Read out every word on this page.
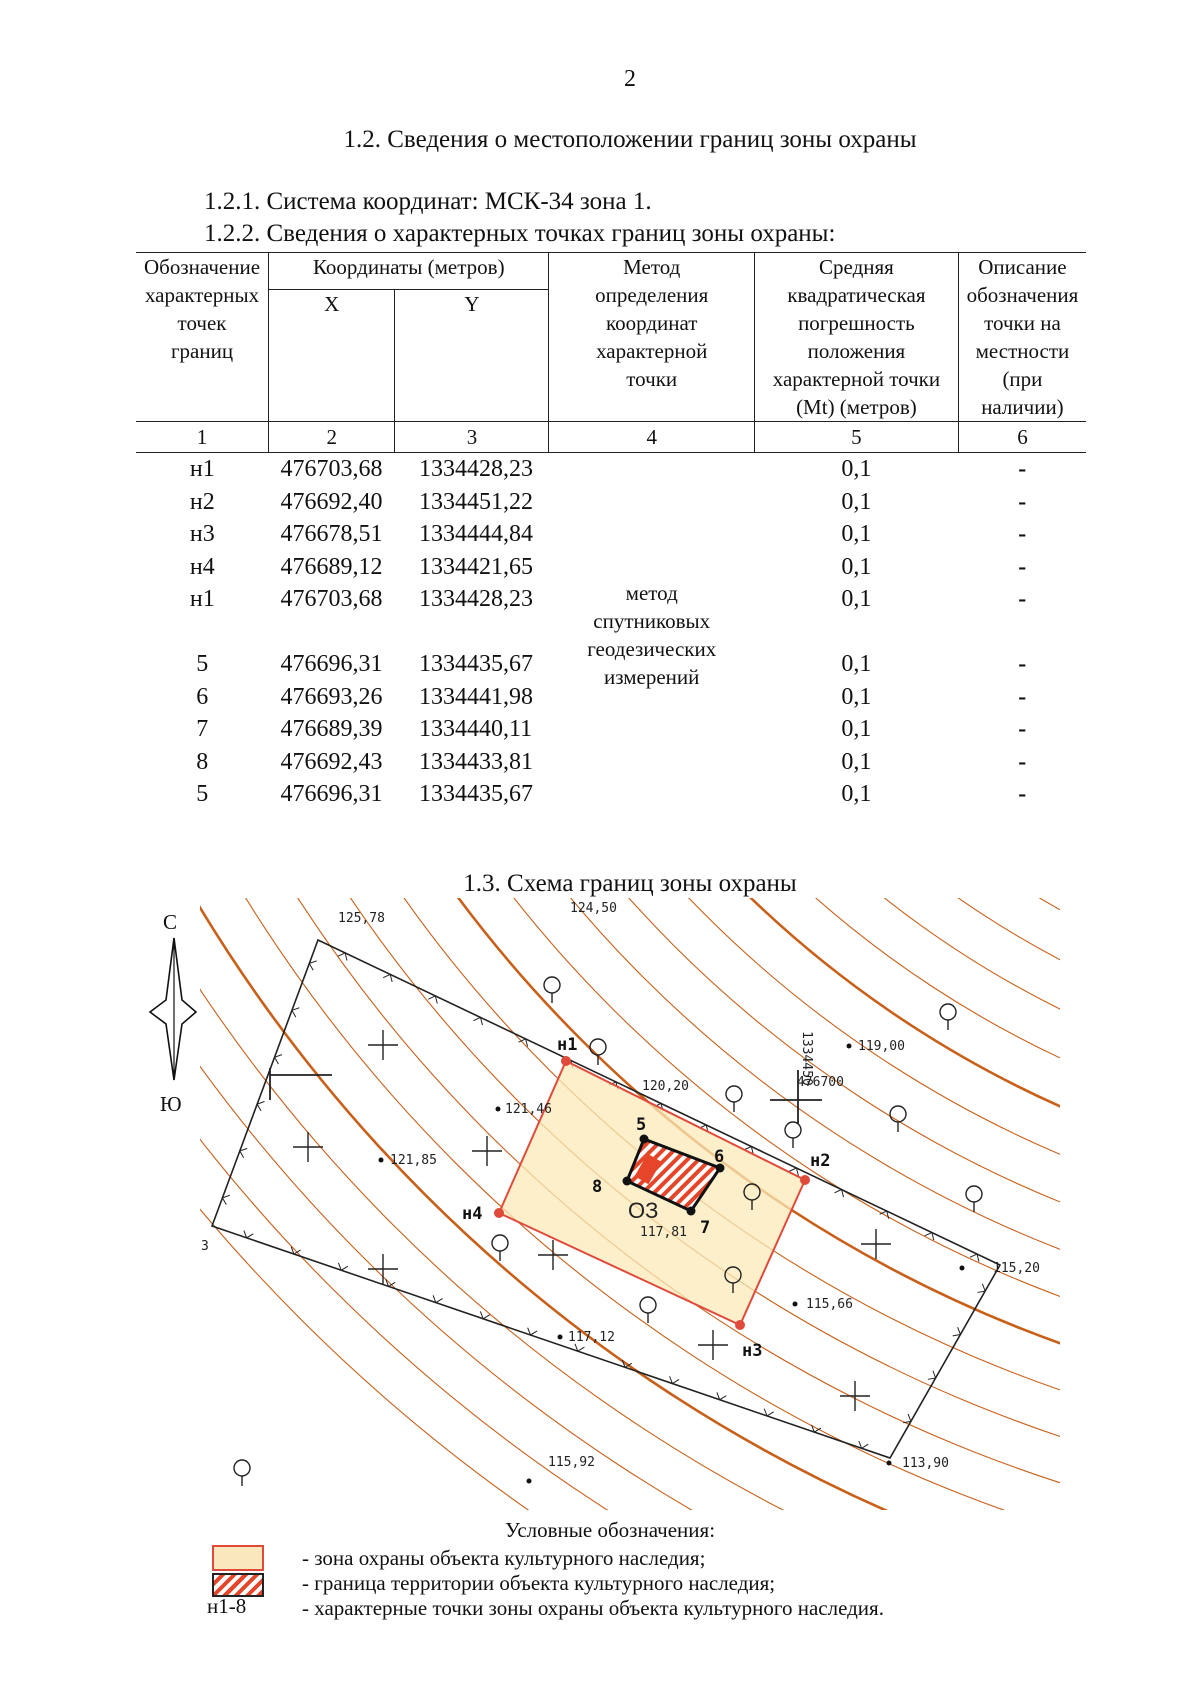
2
1.2. Сведения о местоположении границ зоны охраны
1.2.1. Система координат: МСК-34 зона 1.
1.2.2. Сведения о характерных точках границ зоны охраны:
Обозначение характерных точек границ	Координаты (метров)		Метод определения координат характерной точки	Средняя квадратическая погрешность положения характерной точки (Мt) (метров)	Описание обозначения точки на местности (при наличии)
	X	Y			
1	2	3	4	5	6
н1	476703,68	1334428,23	метод спутниковых геодезических измерений	0,1	-
н2	476692,40	1334451,22		0,1	-
н3	476678,51	1334444,84		0,1	-
н4	476689,12	1334421,65		0,1	-
н1	476703,68	1334428,23		0,1	-
5	476696,31	1334435,67		0,1	-
6	476693,26	1334441,98		0,1	-
7	476689,39	1334440,11		0,1	-
8	476692,43	1334433,81		0,1	-
5	476696,31	1334435,67		0,1	-
1.3. Схема границ зоны охраны
125,78
124,50
119,00
120,20
121,46
121,85
117,81
115,20
115,66
117,12
115,92	113,90
3
476700
1334450
ОЗ
н1
н2
н3
н4
5
6
7
8
С
Ю
Условные обозначения:
н1-8
- зона охраны объекта культурного наследия;
- граница территории объекта культурного наследия;
- характерные точки зоны охраны объекта культурного наследия.
